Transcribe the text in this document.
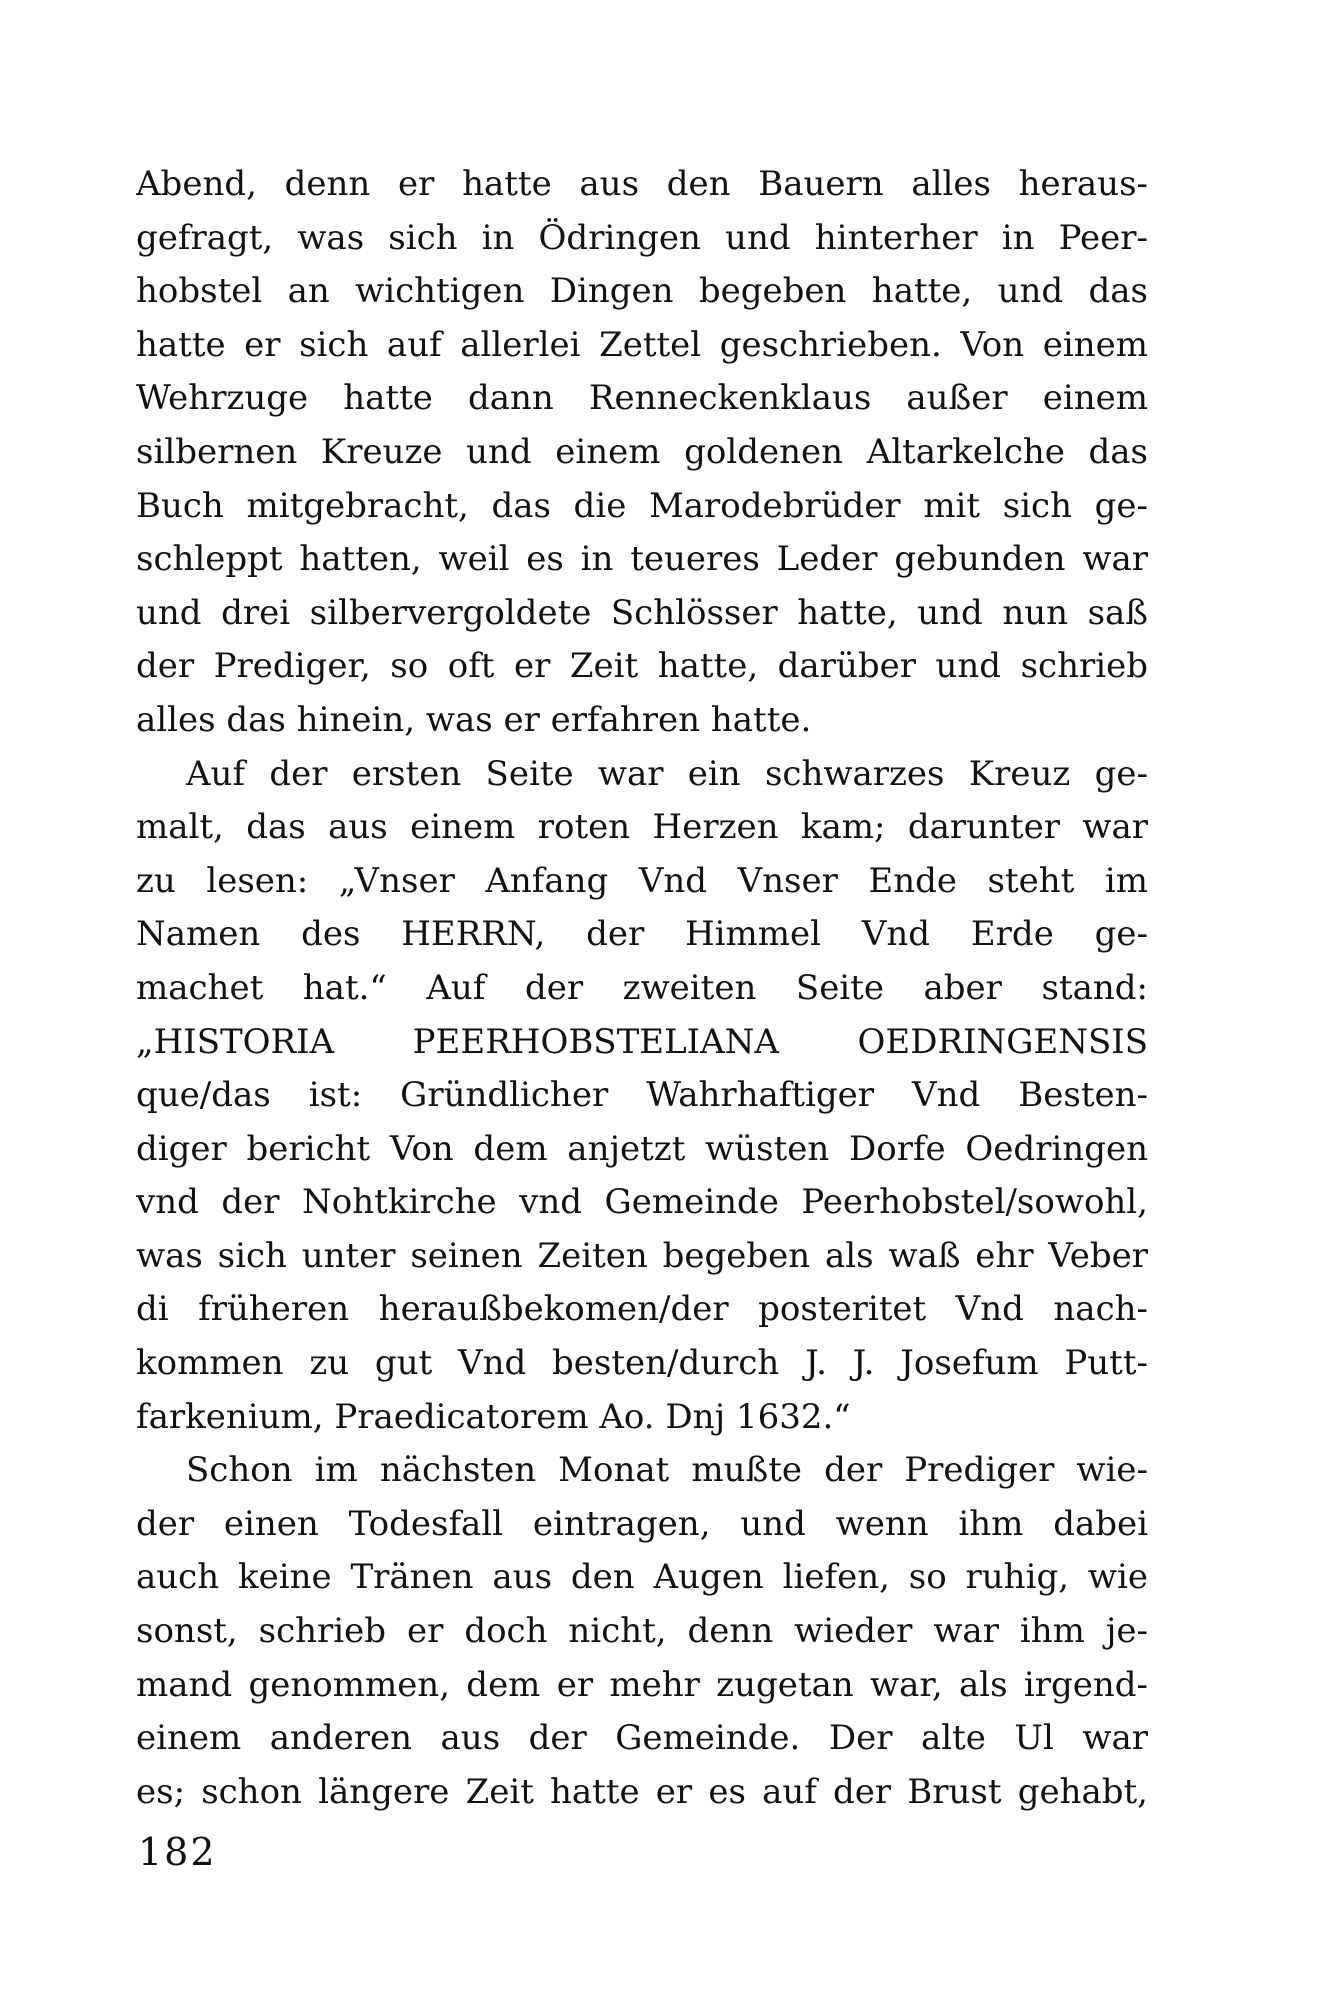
Abend, denn er hatte aus den Bauern alles heraus-
gefragt, was sich in Ödringen und hinterher in Peer-
hobstel an wichtigen Dingen begeben hatte, und das
hatte er sich auf allerlei Zettel geschrieben. Von einem
Wehrzuge hatte dann Renneckenklaus außer einem
silbernen Kreuze und einem goldenen Altarkelche das
Buch mitgebracht, das die Marodebrüder mit sich ge-
schleppt hatten, weil es in teueres Leder gebunden war
und drei silbervergoldete Schlösser hatte, und nun saß
der Prediger, so oft er Zeit hatte, darüber und schrieb
alles das hinein, was er erfahren hatte.
Auf der ersten Seite war ein schwarzes Kreuz ge-
malt, das aus einem roten Herzen kam; darunter war
zu lesen: „Vnser Anfang Vnd Vnser Ende steht im
Namen des HERRN, der Himmel Vnd Erde ge-
machet hat.“ Auf der zweiten Seite aber stand:
„HISTORIA PEERHOBSTELIANA OEDRINGENSIS
que/das ist: Gründlicher Wahrhaftiger Vnd Besten-
diger bericht Von dem anjetzt wüsten Dorfe Oedringen
vnd der Nohtkirche vnd Gemeinde Peerhobstel/sowohl,
was sich unter seinen Zeiten begeben als waß ehr Veber
di früheren heraußbekomen/der posteritet Vnd nach-
kommen zu gut Vnd besten/durch J. J. Josefum Putt-
farkenium, Praedicatorem Ao. Dnj 1632.“
Schon im nächsten Monat mußte der Prediger wie-
der einen Todesfall eintragen, und wenn ihm dabei
auch keine Tränen aus den Augen liefen, so ruhig, wie
sonst, schrieb er doch nicht, denn wieder war ihm je-
mand genommen, dem er mehr zugetan war, als irgend-
einem anderen aus der Gemeinde. Der alte Ul war
es; schon längere Zeit hatte er es auf der Brust gehabt,
182
